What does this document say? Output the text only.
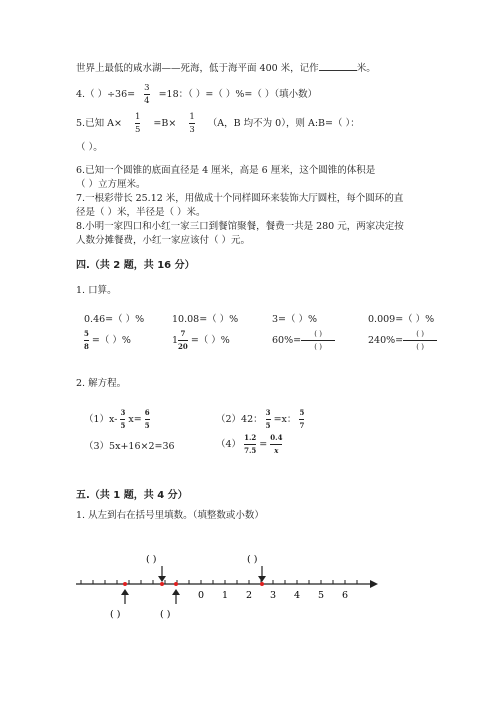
世界上最低的咸水湖——死海，低于海平面 400 米，记作	米。
4.（ ）$\div 36= \frac{3}{4} =18$：（ ）=（ ）%=（ ）（填小数）
5.已知 $A\times \frac{1}{5} =B\times \frac{1}{3} (A$，B 均不为 0），则 A:B=（ ）：
（ ）。
6.已知一个圆锥的底面直径是 4 厘米，高是 6 厘米，这个圆锥的体积是
（ ）立方厘米。
7.一根彩带长 25.12 米，用做成十个同样圆环来装饰大厅圆柱，每个圆环的直
径是（ ）米，半径是（ ）米。
8.小明一家四口和小红一家三口到餐馆聚餐，餐费一共是 280 元，两家决定按
人数分摊餐费，小红一家应该付（ ）元。
四.（共 2 题，共 16 分）
1. 口算。
0.46=（ ）%	10.08=（ ）%	3=（ ）%	0.009=（ ）%
$\frac{5}{8}$ =（ ）%	$1 \frac{7}{20}$ =（ ）%	$60\%= \frac{( )}{( )}$	$240\%= \frac{( )}{( )}$
2. 解方程。
$(1)x- \frac{3}{5} x= \frac{6}{5}$	（2）42： $\frac{3}{5} =x$： $\frac{5}{7}$
（3）5x+16×2=36	$(4) \frac{1.2}{7.5} = \frac{0.4}{x}$
五.（共 1 题，共 4 分）
1. 从左到右在括号里填数。（填整数或小数）
( )	( )
0 1 2 3 4 5 6
( )	( )
